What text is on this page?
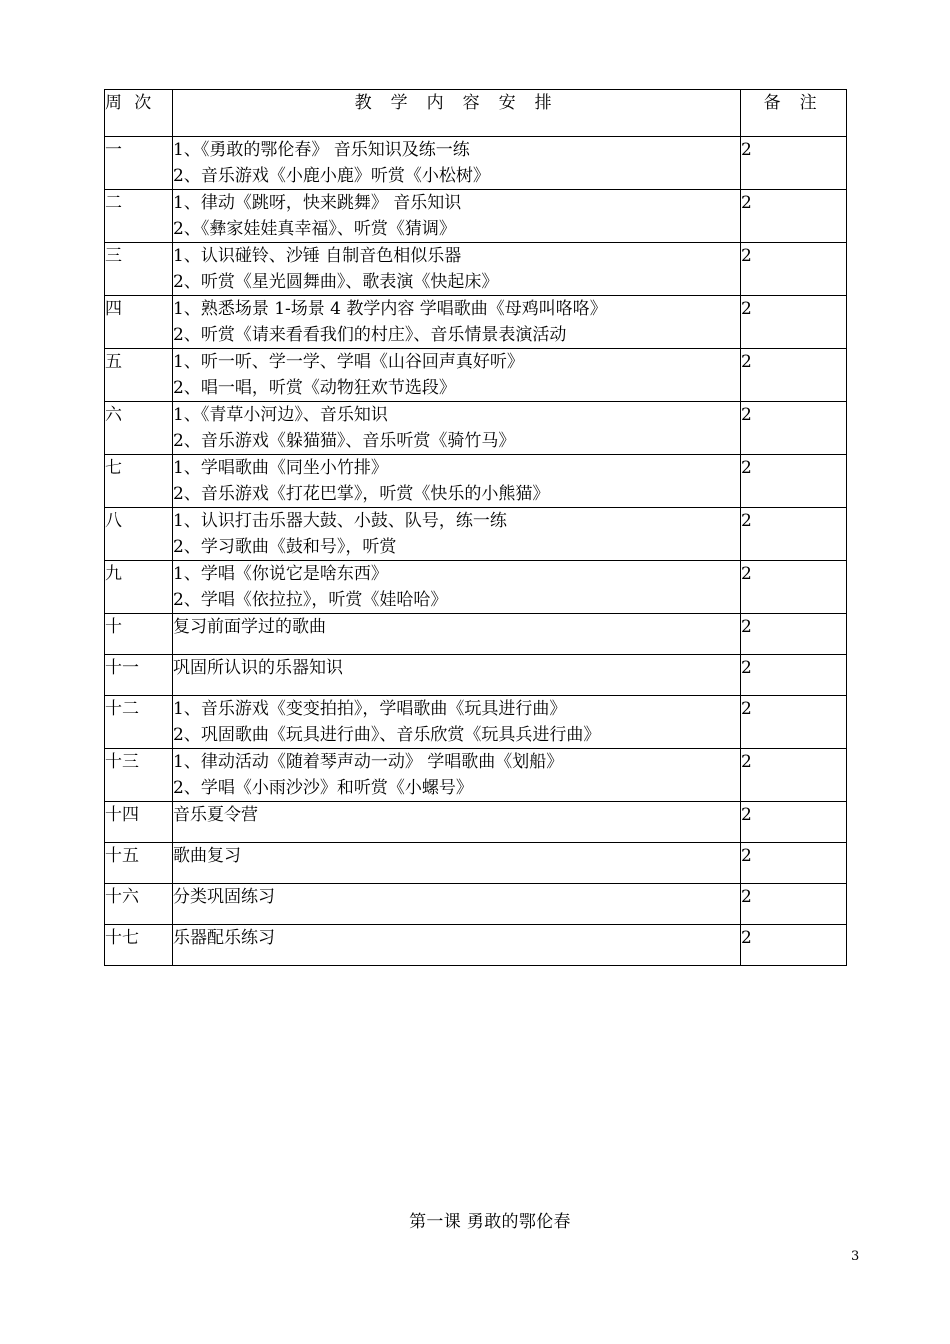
周 次	教 学 内 容 安 排	备 注
一	1、《勇敢的鄂伦春》 音乐知识及练一练
2、音乐游戏《小鹿小鹿》听赏《小松树》	2
二	1、律动《跳呀，快来跳舞》 音乐知识
2、《彝家娃娃真幸福》、听赏《猜调》	2
三	1、认识碰铃、沙锤 自制音色相似乐器
2、听赏《星光圆舞曲》、歌表演《快起床》	2
四	1、熟悉场景 1-场景 4 教学内容 学唱歌曲《母鸡叫咯咯》
2、听赏《请来看看我们的村庄》、音乐情景表演活动	2
五	1、听一听、学一学、学唱《山谷回声真好听》
2、唱一唱，听赏《动物狂欢节选段》	2
六	1、《青草小河边》、音乐知识
2、音乐游戏《躲猫猫》、音乐听赏《骑竹马》	2
七	1、学唱歌曲《同坐小竹排》
2、音乐游戏《打花巴掌》，听赏《快乐的小熊猫》	2
八	1、认识打击乐器大鼓、小鼓、队号，练一练
2、学习歌曲《鼓和号》，听赏	2
九	1、学唱《你说它是啥东西》
2、学唱《依拉拉》，听赏《娃哈哈》	2
十	复习前面学过的歌曲	2
十一	巩固所认识的乐器知识	2
十二	1、音乐游戏《变变拍拍》，学唱歌曲《玩具进行曲》
2、巩固歌曲《玩具进行曲》、音乐欣赏《玩具兵进行曲》	2
十三	1、律动活动《随着琴声动一动》 学唱歌曲《划船》
2、学唱《小雨沙沙》和听赏《小螺号》	2
十四	音乐夏令营	2
十五	歌曲复习	2
十六	分类巩固练习	2
十七	乐器配乐练习	2
第一课 勇敢的鄂伦春
3
